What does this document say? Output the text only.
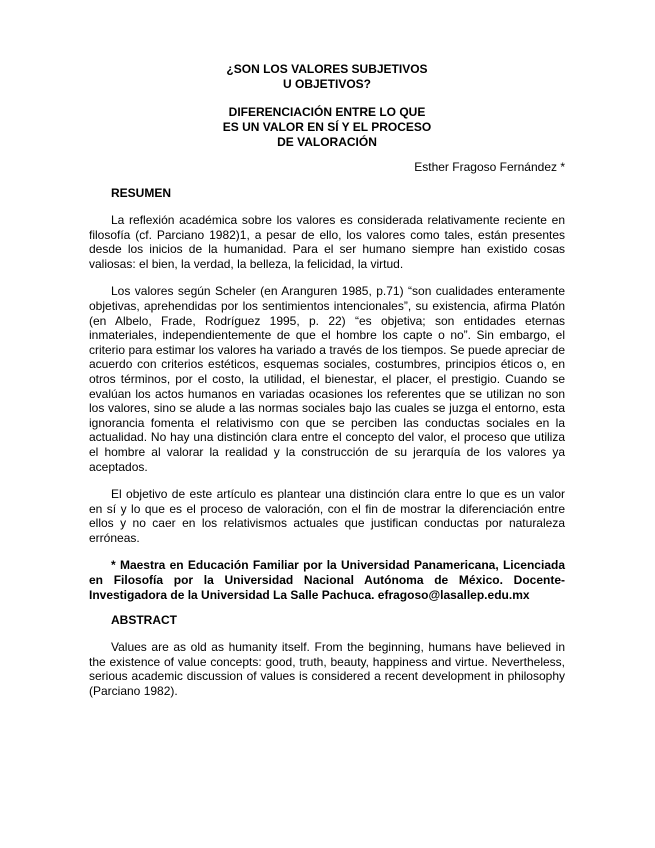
¿SON LOS VALORES SUBJETIVOS
U OBJETIVOS?
DIFERENCIACIÓN ENTRE LO QUE
ES UN VALOR EN SÍ Y EL PROCESO
DE VALORACIÓN

Esther Fragoso Fernández *

RESUMEN

La reflexión académica sobre los valores es considerada relativamente reciente en filosofía (cf. Parciano 1982)1, a pesar de ello, los valores como tales, están presentes desde los inicios de la humanidad. Para el ser humano siempre han existido cosas valiosas: el bien, la verdad, la belleza, la felicidad, la virtud.

Los valores según Scheler (en Aranguren 1985, p.71) “son cualidades enteramente objetivas, aprehendidas por los sentimientos intencionales”, su existencia, afirma Platón (en Albelo, Frade, Rodríguez 1995, p. 22) “es objetiva; son entidades eternas inmateriales, independientemente de que el hombre los capte o no”. Sin embargo, el criterio para estimar los valores ha variado a través de los tiempos. Se puede apreciar de acuerdo con criterios estéticos, esquemas sociales, costumbres, principios éticos o, en otros términos, por el costo, la utilidad, el bienestar, el placer, el prestigio. Cuando se evalúan los actos humanos en variadas ocasiones los referentes que se utilizan no son los valores, sino se alude a las normas sociales bajo las cuales se juzga el entorno, esta ignorancia fomenta el relativismo con que se perciben las conductas sociales en la actualidad. No hay una distinción clara entre el concepto del valor, el proceso que utiliza el hombre al valorar la realidad y la construcción de su jerarquía de los valores ya aceptados.

El objetivo de este artículo es plantear una distinción clara entre lo que es un valor en sí y lo que es el proceso de valoración, con el fin de mostrar la diferenciación entre ellos y no caer en los relativismos actuales que justifican conductas por naturaleza erróneas.

* Maestra en Educación Familiar por la Universidad Panamericana, Licenciada en Filosofía por la Universidad Nacional Autónoma de México. Docente-Investigadora de la Universidad La Salle Pachuca. efragoso@lasallep.edu.mx

ABSTRACT

Values are as old as humanity itself. From the beginning, humans have believed in the existence of value concepts: good, truth, beauty, happiness and virtue. Nevertheless, serious academic discussion of values is considered a recent development in philosophy (Parciano 1982).
